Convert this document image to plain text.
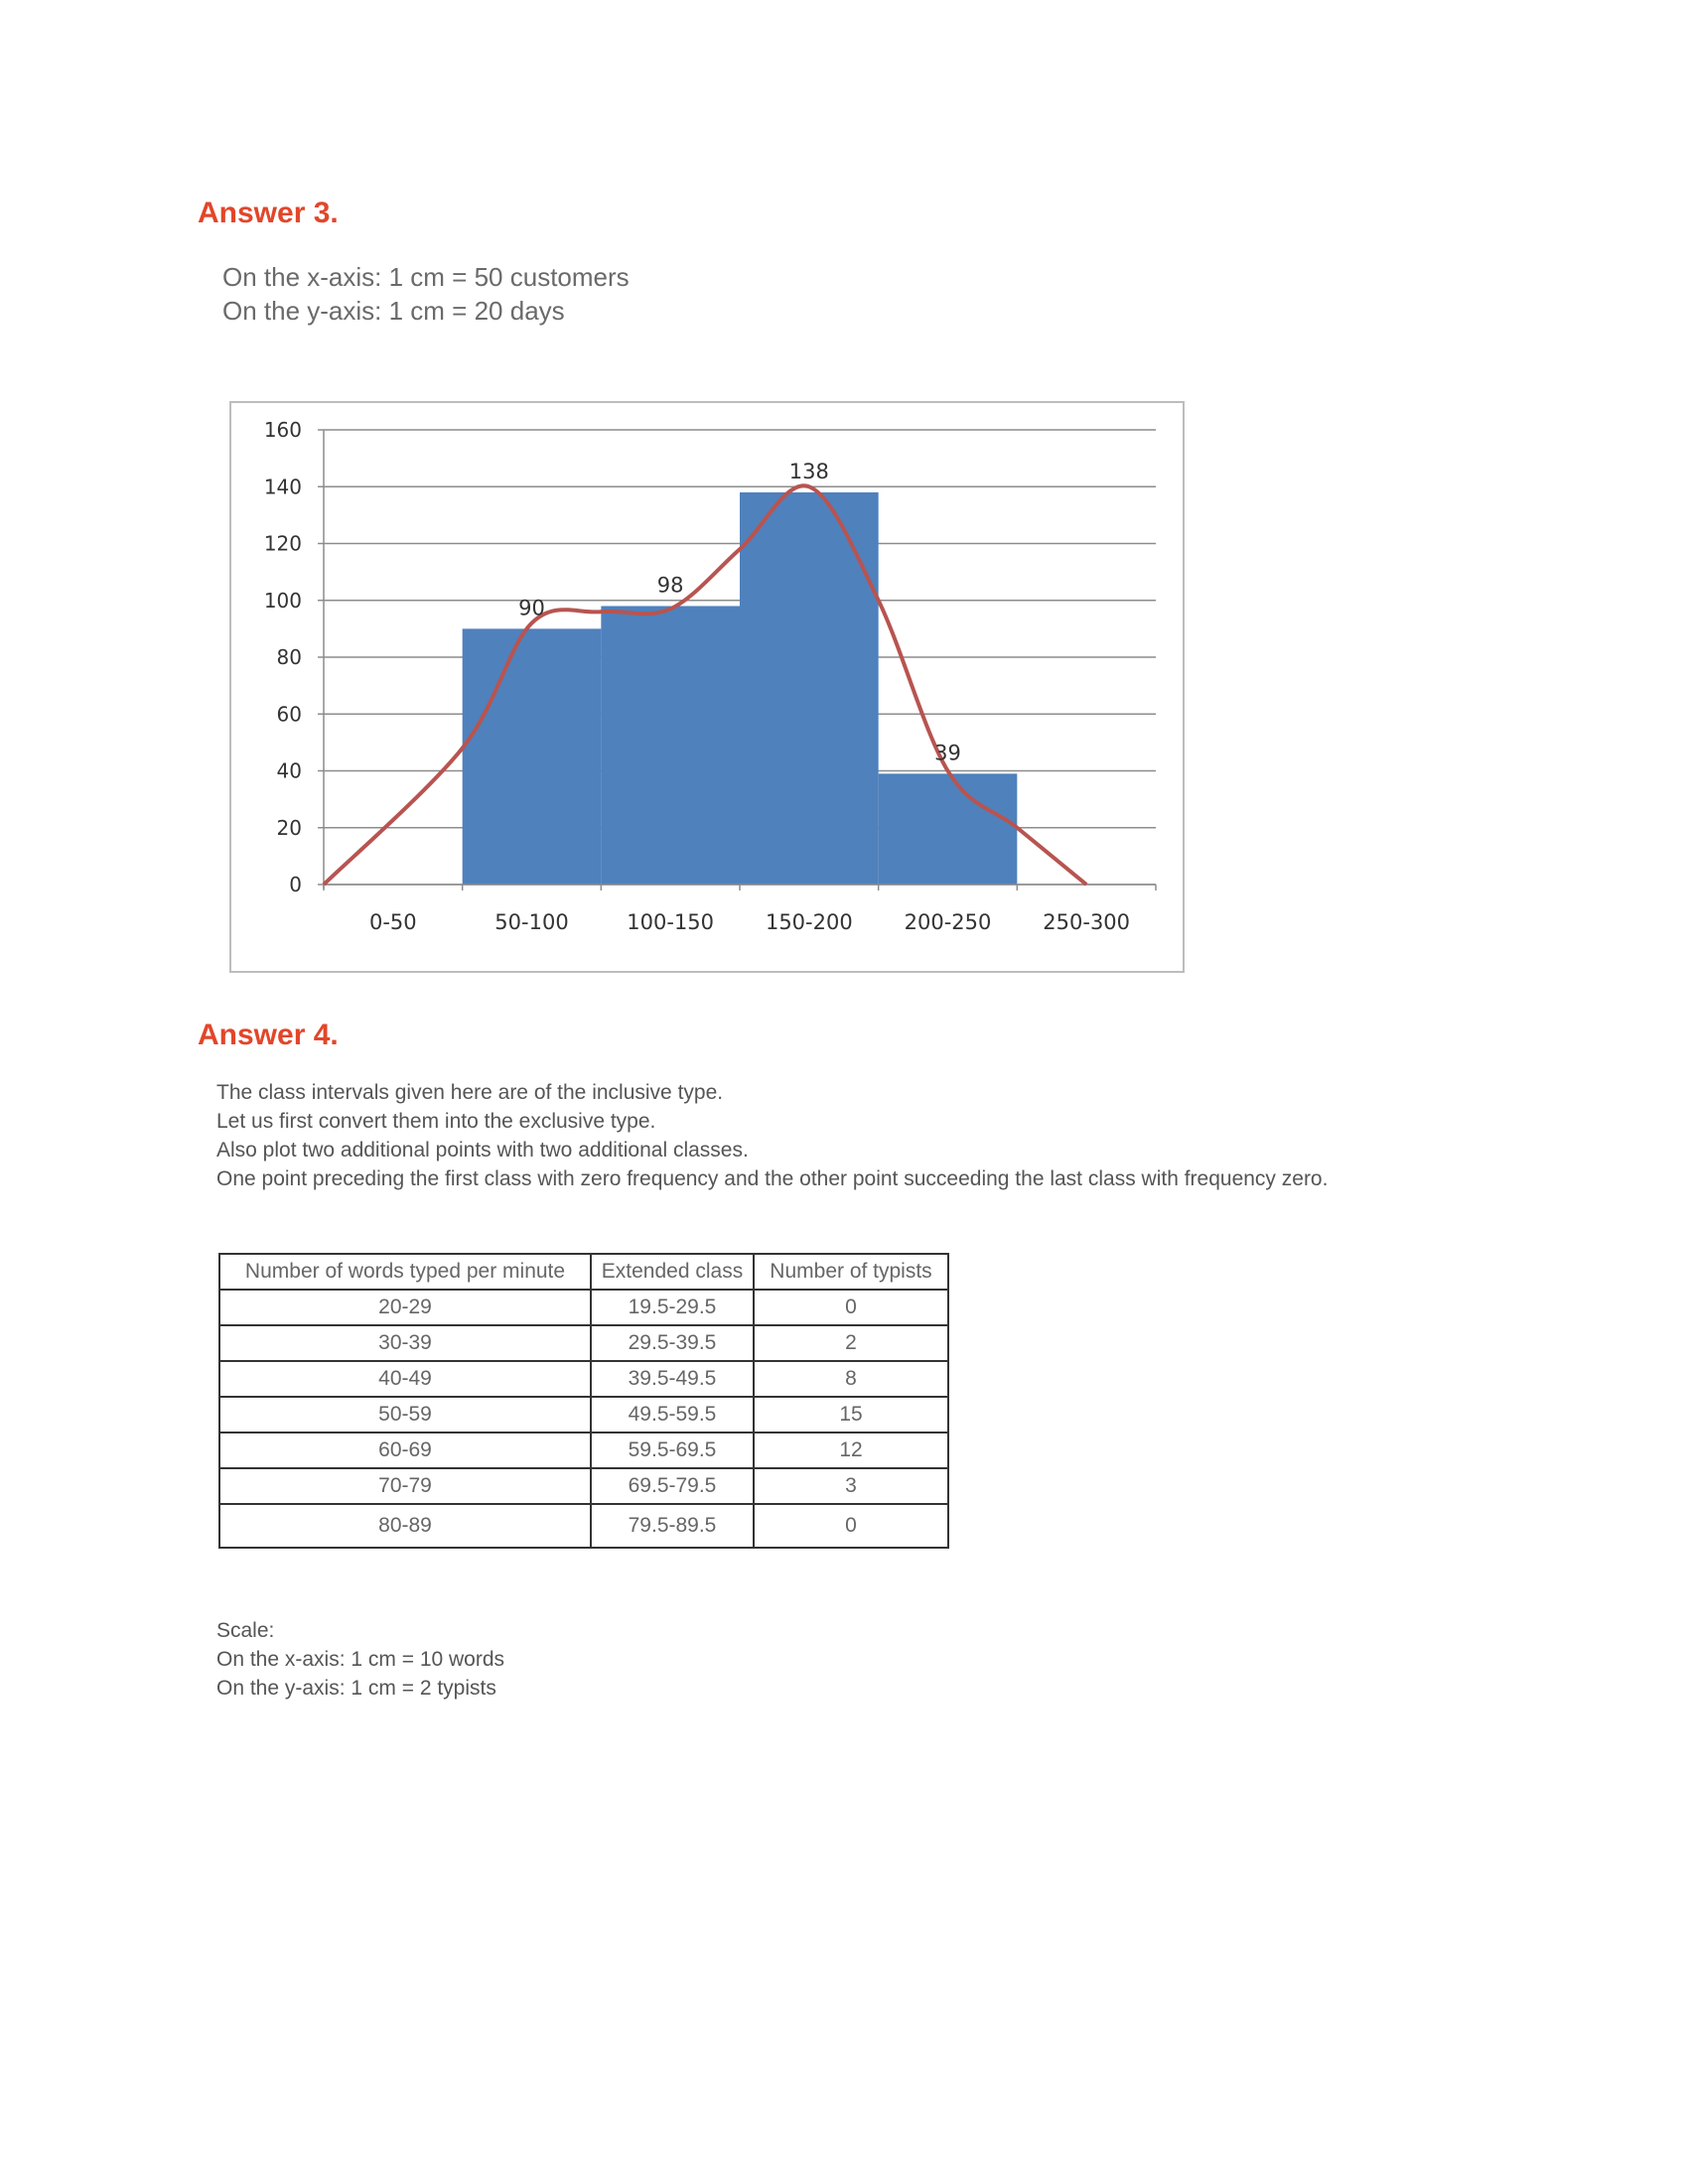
Answer 3.
On the x-axis: 1 cm = 50 customers
On the y-axis: 1 cm = 20 days
0
20
40
60
80
100
120
140
160
0-50	50-100	100-150 150-200 200-250 250-300
90
98
138
39
Answer 4.
The class intervals given here are of the inclusive type.
Let us first convert them into the exclusive type.
Also plot two additional points with two additional classes.
One point preceding the first class with zero frequency and the other point succeeding the last class with frequency zero.
Number of words typed per minute	Extended class	Number of typists
20-29	19.5-29.5	0
30-39	29.5-39.5	2
40-49	39.5-49.5	8
50-59	49.5-59.5	15
60-69	59.5-69.5	12
70-79	69.5-79.5	3
80-89	79.5-89.5	0
Scale:
On the x-axis: 1 cm = 10 words
On the y-axis: 1 cm = 2 typists
